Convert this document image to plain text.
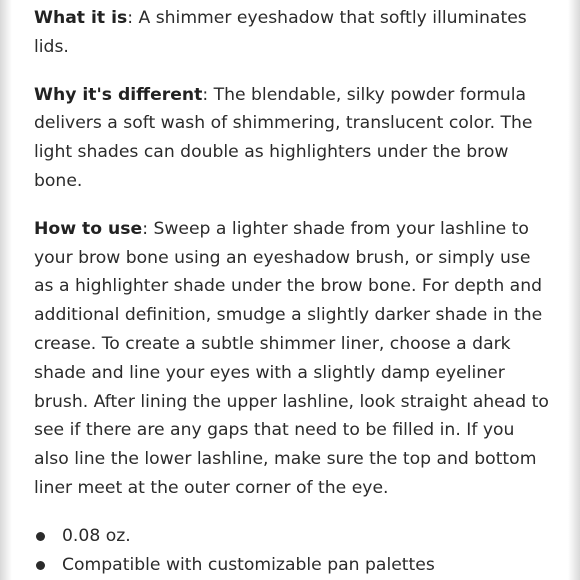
What it is: A shimmer eyeshadow that softly illuminates lids.

Why it's different: The blendable, silky powder formula delivers a soft wash of shimmering, translucent color. The light shades can double as highlighters under the brow bone.

How to use: Sweep a lighter shade from your lashline to your brow bone using an eyeshadow brush, or simply use as a highlighter shade under the brow bone. For depth and additional definition, smudge a slightly darker shade in the crease. To create a subtle shimmer liner, choose a dark shade and line your eyes with a slightly damp eyeliner brush. After lining the upper lashline, look straight ahead to see if there are any gaps that need to be filled in. If you also line the lower lashline, make sure the top and bottom liner meet at the outer corner of the eye.

0.08 oz.
Compatible with customizable pan palettes
